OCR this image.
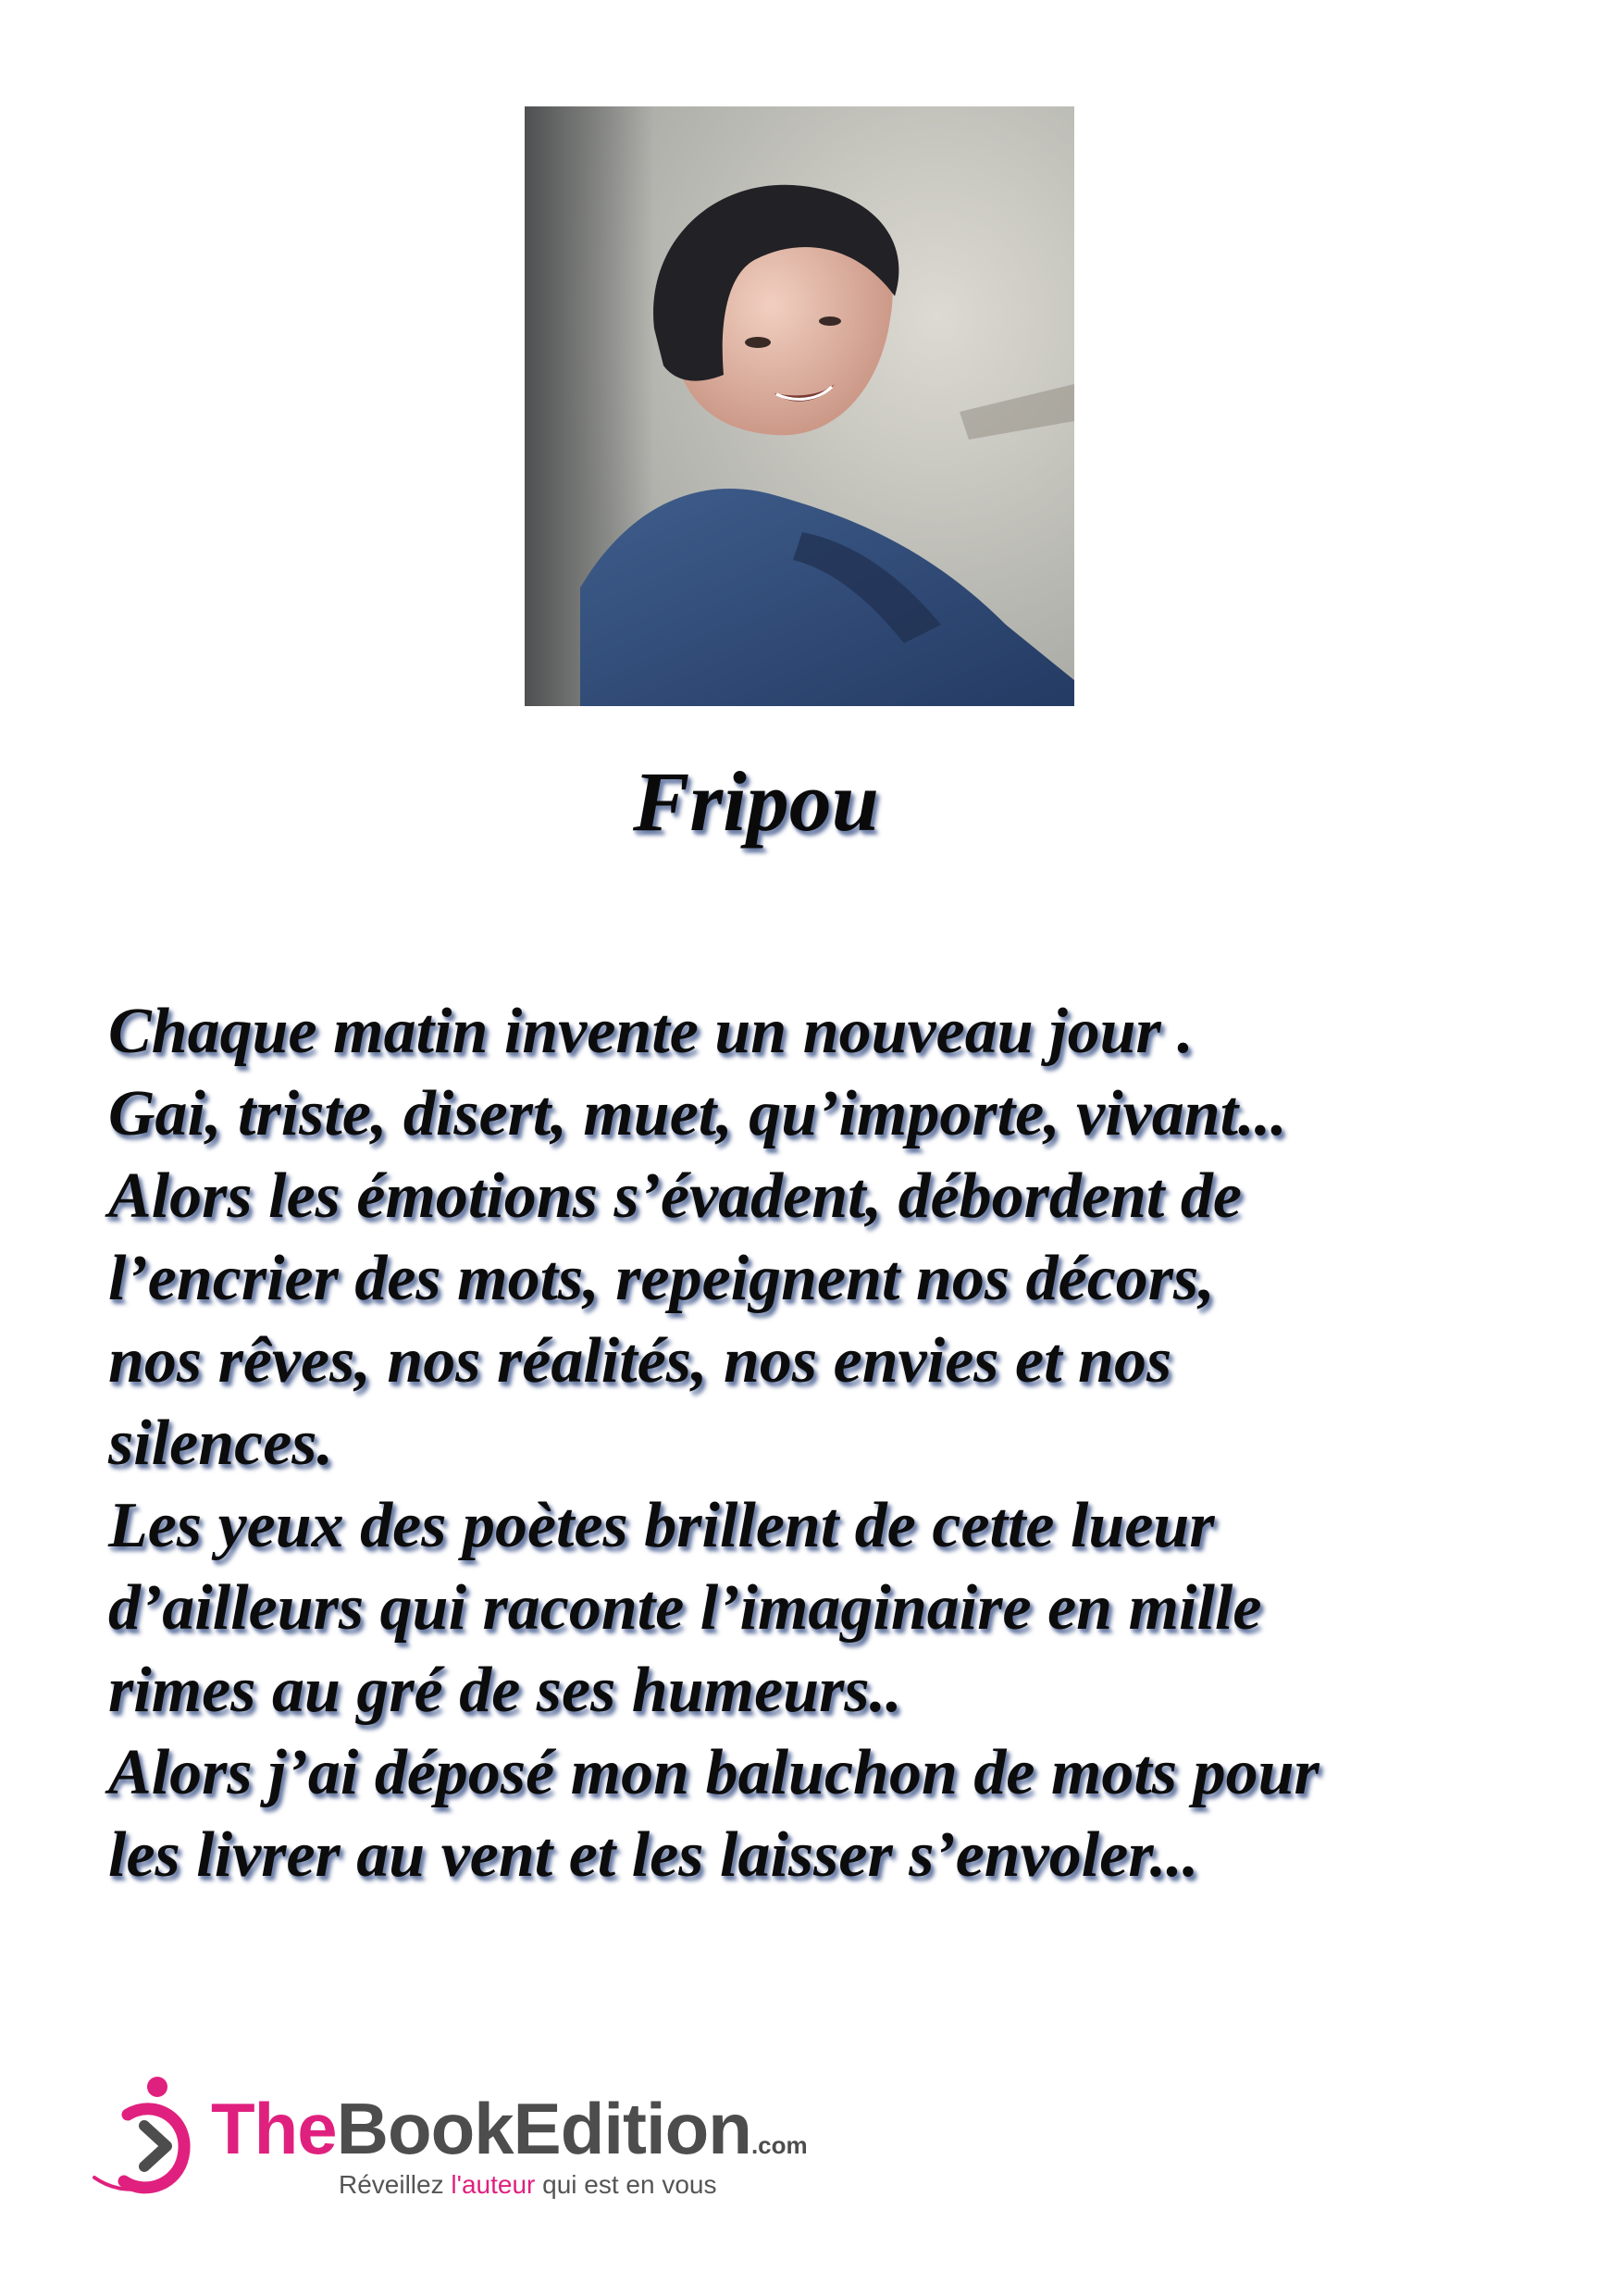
Fripou
Chaque matin invente un nouveau jour .
Gai, triste, disert, muet, qu’importe, vivant...
Alors les émotions s’évadent, débordent de
l’encrier des mots, repeignent nos décors,
nos rêves, nos réalités, nos envies et nos
silences.
Les yeux des poètes brillent de cette lueur
d’ailleurs qui raconte l’imaginaire en mille
rimes au gré de ses humeurs..
Alors j’ai déposé mon baluchon de mots pour
les livrer au vent et les laisser s’envoler...
TheBookEdition.com
Réveillez l'auteur qui est en vous
